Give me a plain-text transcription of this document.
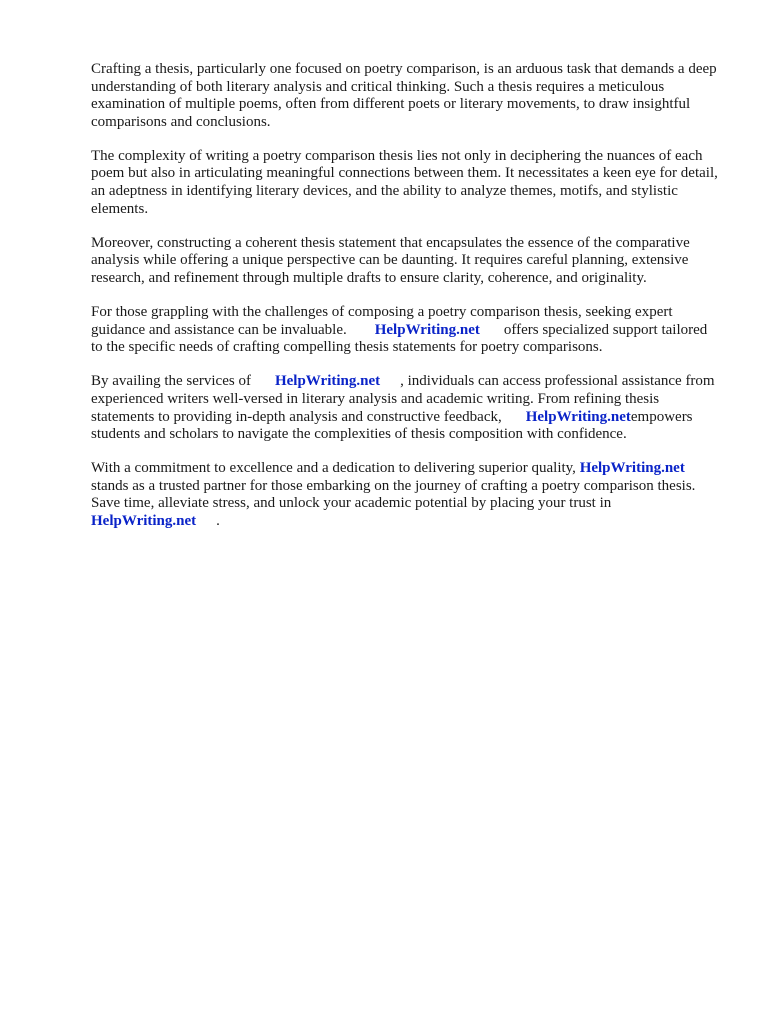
Crafting a thesis, particularly one focused on poetry comparison, is an arduous task that demands a deep understanding of both literary analysis and critical thinking. Such a thesis requires a meticulous examination of multiple poems, often from different poets or literary movements, to draw insightful comparisons and conclusions.

The complexity of writing a poetry comparison thesis lies not only in deciphering the nuances of each poem but also in articulating meaningful connections between them. It necessitates a keen eye for detail, an adeptness in identifying literary devices, and the ability to analyze themes, motifs, and stylistic elements.

Moreover, constructing a coherent thesis statement that encapsulates the essence of the comparative analysis while offering a unique perspective can be daunting. It requires careful planning, extensive research, and refinement through multiple drafts to ensure clarity, coherence, and originality.

For those grappling with the challenges of composing a poetry comparison thesis, seeking expert guidance and assistance can be invaluable. HelpWriting.net offers specialized support tailored to the specific needs of crafting compelling thesis statements for poetry comparisons.

By availing the services of HelpWriting.net , individuals can access professional assistance from experienced writers well-versed in literary analysis and academic writing. From refining thesis statements to providing in-depth analysis and constructive feedback, HelpWriting.netempowers students and scholars to navigate the complexities of thesis composition with confidence.

With a commitment to excellence and a dedication to delivering superior quality, HelpWriting.netstands as a trusted partner for those embarking on the journey of crafting a poetry comparison thesis. Save time, alleviate stress, and unlock your academic potential by placing your trust inHelpWriting.net .
